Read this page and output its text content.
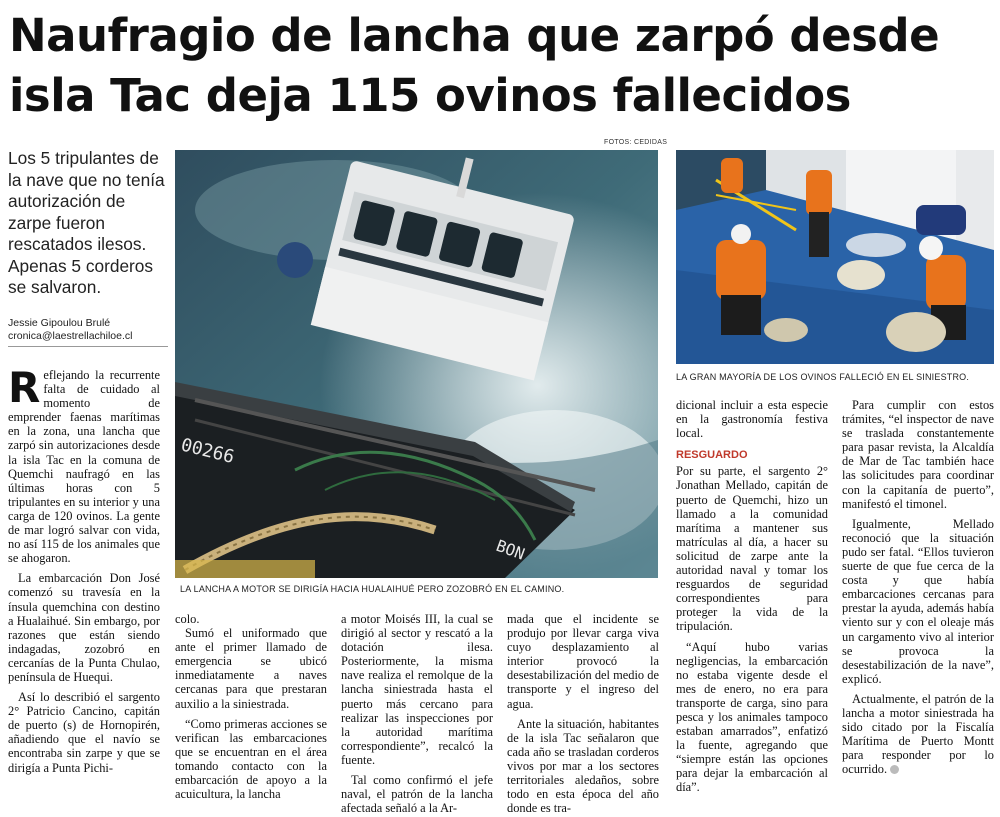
Naufragio de lancha que zarpó desde
isla Tac deja 115 ovinos fallecidos
Los 5 tripulantes de la nave que no tenía autorización de zarpe fueron rescatados ilesos. Apenas 5 corderos se salvaron.
Jessie Gipoulou Brulé
cronica@laestrellachiloe.cl
FOTOS: CEDIDAS
00266
BON
LA LANCHA A MOTOR SE DIRIGÍA HACIA HUALAIHUÉ PERO ZOZOBRÓ EN EL CAMINO.
LA GRAN MAYORÍA DE LOS OVINOS FALLECIÓ EN EL SINIESTRO.

Reflejando la recurrente falta de cuidado al momento de emprender faenas marítimas en la zona, una lancha que zarpó sin autorizaciones desde la isla Tac en la comuna de Quemchi naufragó en las últimas horas con 5 tripulantes en su interior y una carga de 120 ovinos. La gente de mar logró salvar con vida, no así 115 de los animales que se ahogaron.

La embarcación Don José comenzó su travesía en la ínsula quemchina con destino a Hualaihué. Sin embargo, por razones que están siendo indagadas, zozobró en cercanías de la Punta Chulao, península de Huequi.

Así lo describió el sargento 2° Patricio Cancino, capitán de puerto (s) de Hornopirén, añadiendo que el navío se encontraba sin zarpe y que se dirigía a Punta Pichi-

colo.

Sumó el uniformado que ante el primer llamado de emergencia se ubicó inmediatamente a naves cercanas para que prestaran auxilio a la siniestrada.

“Como primeras acciones se verifican las embarcaciones que se encuentran en el área tomando contacto con la embarcación de apoyo a la acuicultura, la lancha

a motor Moisés III, la cual se dirigió al sector y rescató a la dotación ilesa. Posteriormente, la misma nave realiza el remolque de la lancha siniestrada hasta el puerto más cercano para realizar las inspecciones por la autoridad marítima correspondiente”, recalcó la fuente.

Tal como confirmó el jefe naval, el patrón de la lancha afectada señaló a la Ar-

mada que el incidente se produjo por llevar carga viva cuyo desplazamiento al interior provocó la desestabilización del medio de transporte y el ingreso del agua.

Ante la situación, habitantes de la isla Tac señalaron que cada año se trasladan corderos vivos por mar a los sectores territoriales aledaños, sobre todo en esta época del año donde es tra-

dicional incluir a esta especie en la gastronomía festiva local.

RESGUARDO

Por su parte, el sargento 2° Jonathan Mellado, capitán de puerto de Quemchi, hizo un llamado a la comunidad marítima a mantener sus matrículas al día, a hacer su solicitud de zarpe ante la autoridad naval y tomar los resguardos de seguridad correspondientes para proteger la vida de la tripulación.

“Aquí hubo varias negligencias, la embarcación no estaba vigente desde el mes de enero, no era para transporte de carga, sino para pesca y los animales tampoco estaban amarrados”, enfatizó la fuente, agregando que “siempre están las opciones para dejar la embarcación al día”.

Para cumplir con estos trámites, “el inspector de nave se traslada constantemente para pasar revista, la Alcaldía de Mar de Tac también hace las solicitudes para coordinar con la capitanía de puerto”, manifestó el timonel.

Igualmente, Mellado reconoció que la situación pudo ser fatal. “Ellos tuvieron suerte de que fue cerca de la costa y que había embarcaciones cercanas para prestar la ayuda, además había viento sur y con el oleaje más un cargamento vivo al interior se provoca la desestabilización de la nave”, explicó.

Actualmente, el patrón de la lancha a motor siniestrada ha sido citado por la Fiscalía Marítima de Puerto Montt para responder por lo ocurrido.
